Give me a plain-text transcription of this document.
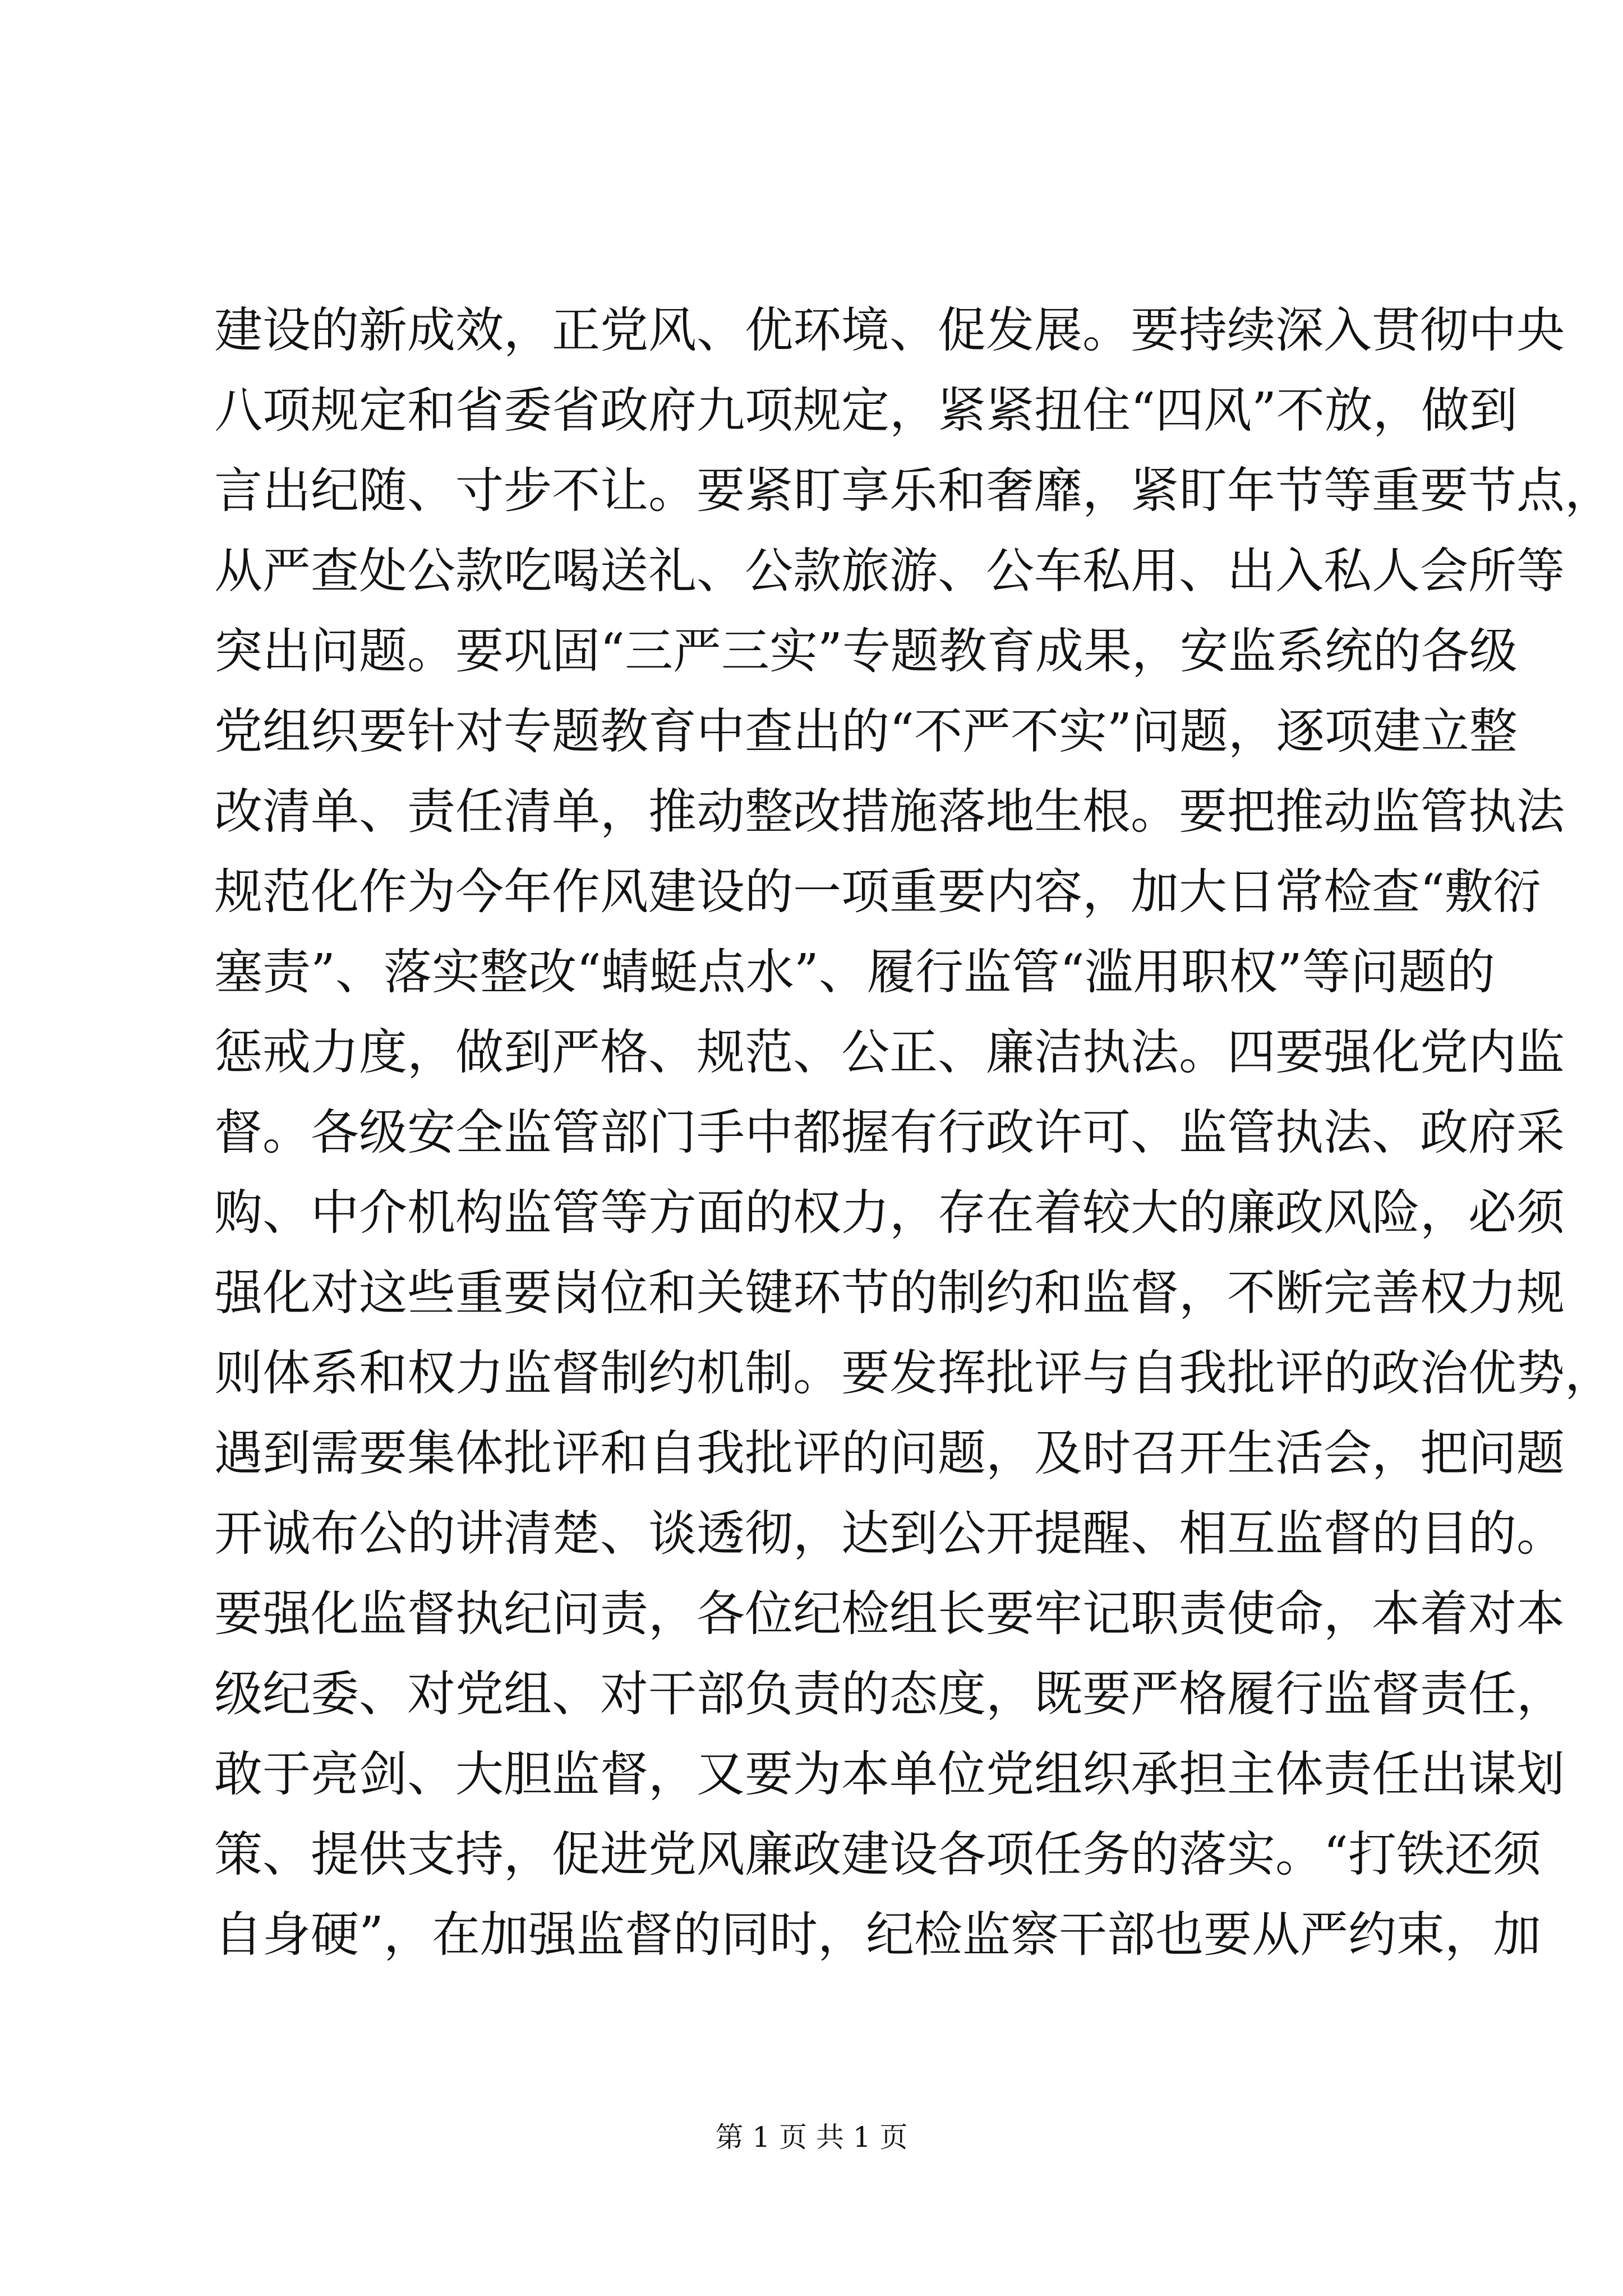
建设的新成效，正党风、优环境、促发展。要持续深入贯彻中央
八项规定和省委省政府九项规定，紧紧扭住“四风”不放，做到
言出纪随、寸步不让。要紧盯享乐和奢靡，紧盯年节等重要节点，
从严查处公款吃喝送礼、公款旅游、公车私用、出入私人会所等
突出问题。要巩固“三严三实”专题教育成果，安监系统的各级
党组织要针对专题教育中查出的“不严不实”问题，逐项建立整
改清单、责任清单，推动整改措施落地生根。要把推动监管执法
规范化作为今年作风建设的一项重要内容，加大日常检查“敷衍
塞责”、落实整改“蜻蜓点水”、履行监管“滥用职权”等问题的
惩戒力度，做到严格、规范、公正、廉洁执法。四要强化党内监
督。各级安全监管部门手中都握有行政许可、监管执法、政府采
购、中介机构监管等方面的权力，存在着较大的廉政风险，必须
强化对这些重要岗位和关键环节的制约和监督，不断完善权力规
则体系和权力监督制约机制。要发挥批评与自我批评的政治优势，
遇到需要集体批评和自我批评的问题，及时召开生活会，把问题
开诚布公的讲清楚、谈透彻，达到公开提醒、相互监督的目的。
要强化监督执纪问责，各位纪检组长要牢记职责使命，本着对本
级纪委、对党组、对干部负责的态度，既要严格履行监督责任，
敢于亮剑、大胆监督，又要为本单位党组织承担主体责任出谋划
策、提供支持，促进党风廉政建设各项任务的落实。“打铁还须
自身硬”，在加强监督的同时，纪检监察干部也要从严约束，加
第 1 页 共 1 页
